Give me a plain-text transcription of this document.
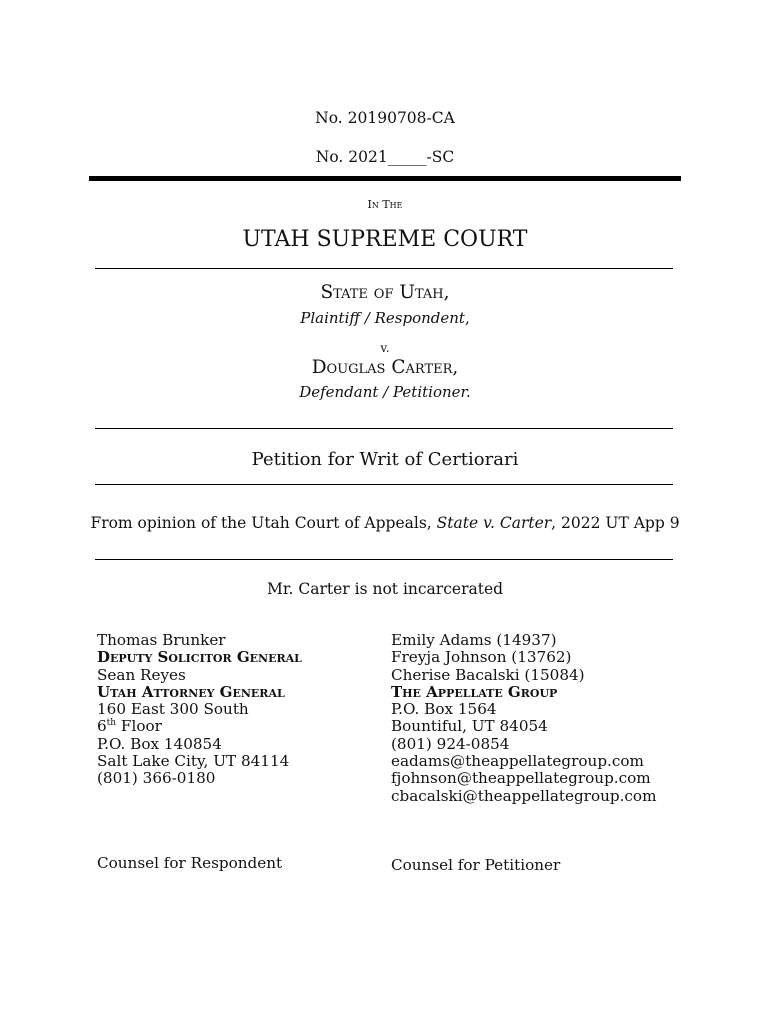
No. 20190708-CA
No. 2021_____-SC
In The
UTAH SUPREME COURT
State of Utah,
Plaintiff / Respondent,
v.
Douglas Carter,
Defendant / Petitioner.
Petition for Writ of Certiorari
From opinion of the Utah Court of Appeals, State v. Carter, 2022 UT App 9
Mr. Carter is not incarcerated
Thomas Brunker
Deputy Solicitor General
Sean Reyes
Utah Attorney General
160 East 300 South
6th Floor
P.O. Box 140854
Salt Lake City, UT 84114
(801) 366-0180
Counsel for Respondent
Emily Adams (14937)
Freyja Johnson (13762)
Cherise Bacalski (15084)
The Appellate Group
P.O. Box 1564
Bountiful, UT 84054
(801) 924-0854
eadams@theappellategroup.com
fjohnson@theappellategroup.com
cbacalski@theappellategroup.com
Counsel for Petitioner
